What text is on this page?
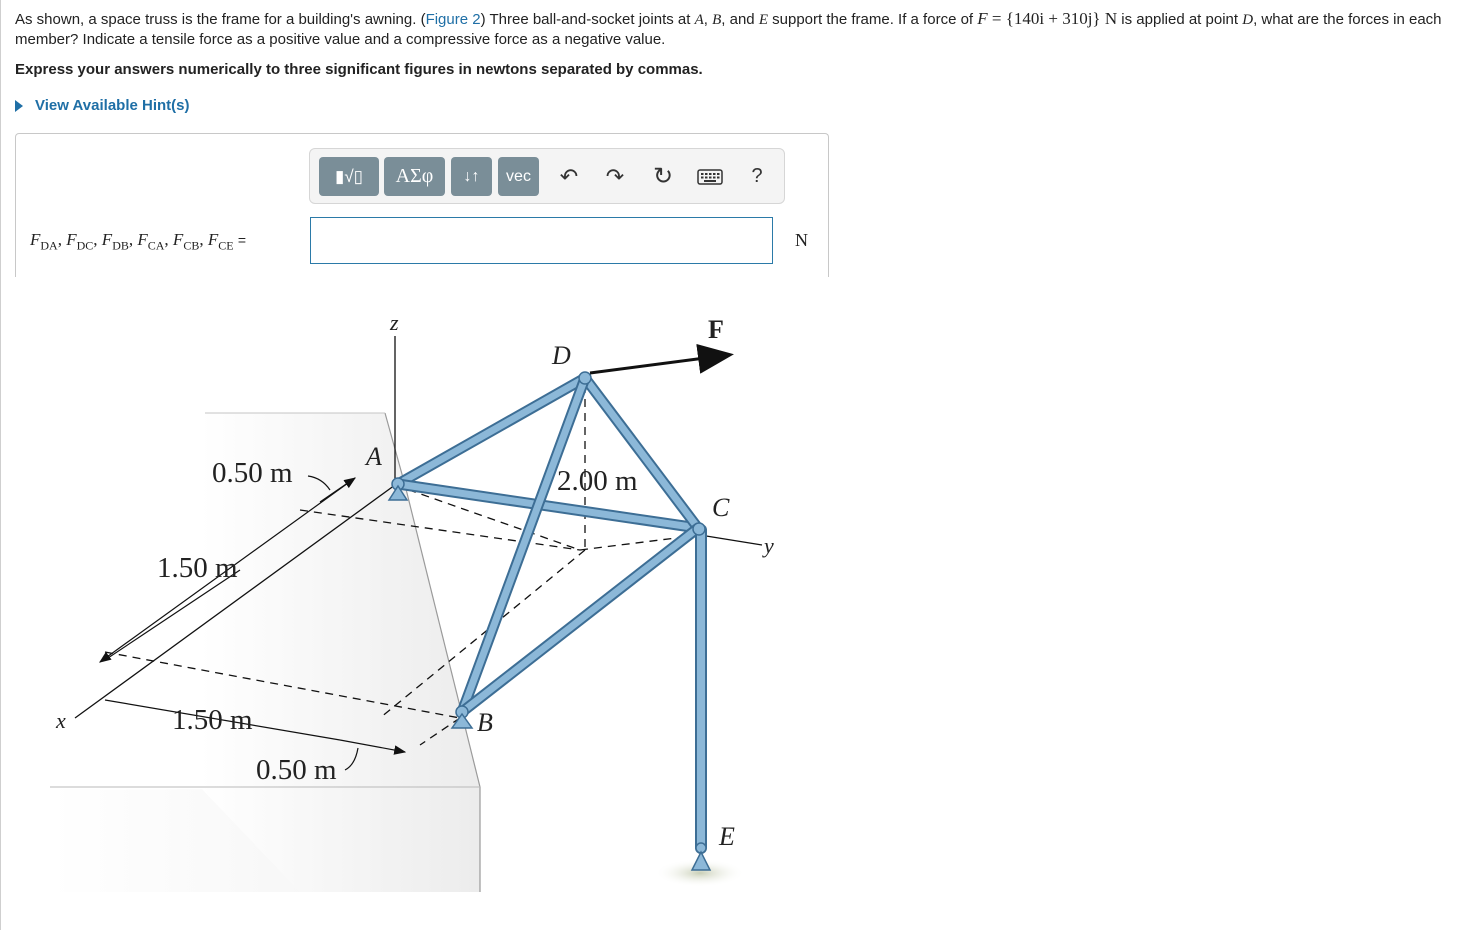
As shown, a space truss is the frame for a building's awning. (Figure 2) Three ball-and-socket joints at A, B, and E support the frame. If a force of F = {140i + 310j} N is applied at point D, what are the forces in each member? Indicate a tensile force as a positive value and a compressive force as a negative value.
Express your answers numerically to three significant figures in newtons separated by commas.
View Available Hint(s)
▮√▯ ΑΣφ ↓↑ vec ↶ ↷ ↻	?
$F_{DA}$, $F_{DC}$, $F_{DB}$, $F_{CA}$, $F_{CB}$, $F_{CE}$ =	N
z
y
x
A
B
C
D
E
F
0.50 m
1.50 m
1.50 m
0.50 m
2.00 m
